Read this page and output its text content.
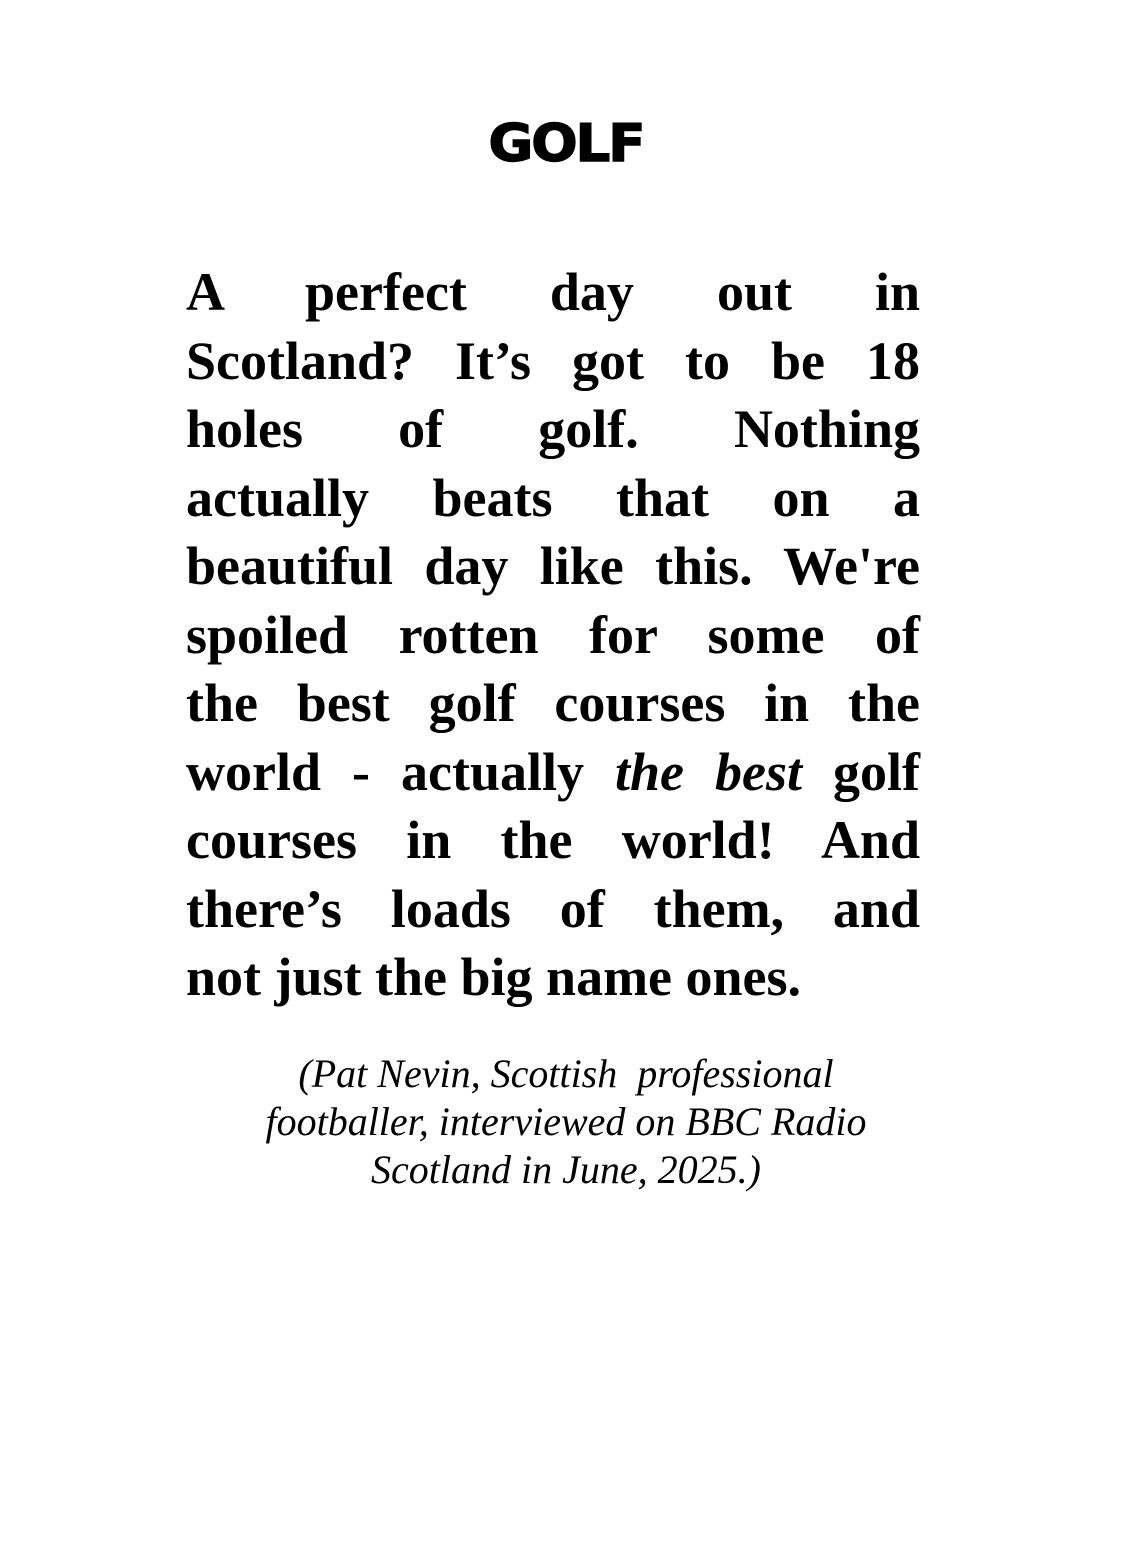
GOLF
A perfect day out in
Scotland? It’s got to be 18
holes of golf. Nothing
actually beats that on a
beautiful day like this. We're
spoiled rotten for some of
the best golf courses in the
world - actually the best golf
courses in the world! And
there’s loads of them, and
not just the big name ones.
(Pat Nevin, Scottish  professional
footballer, interviewed on BBC Radio
Scotland in June, 2025.)
